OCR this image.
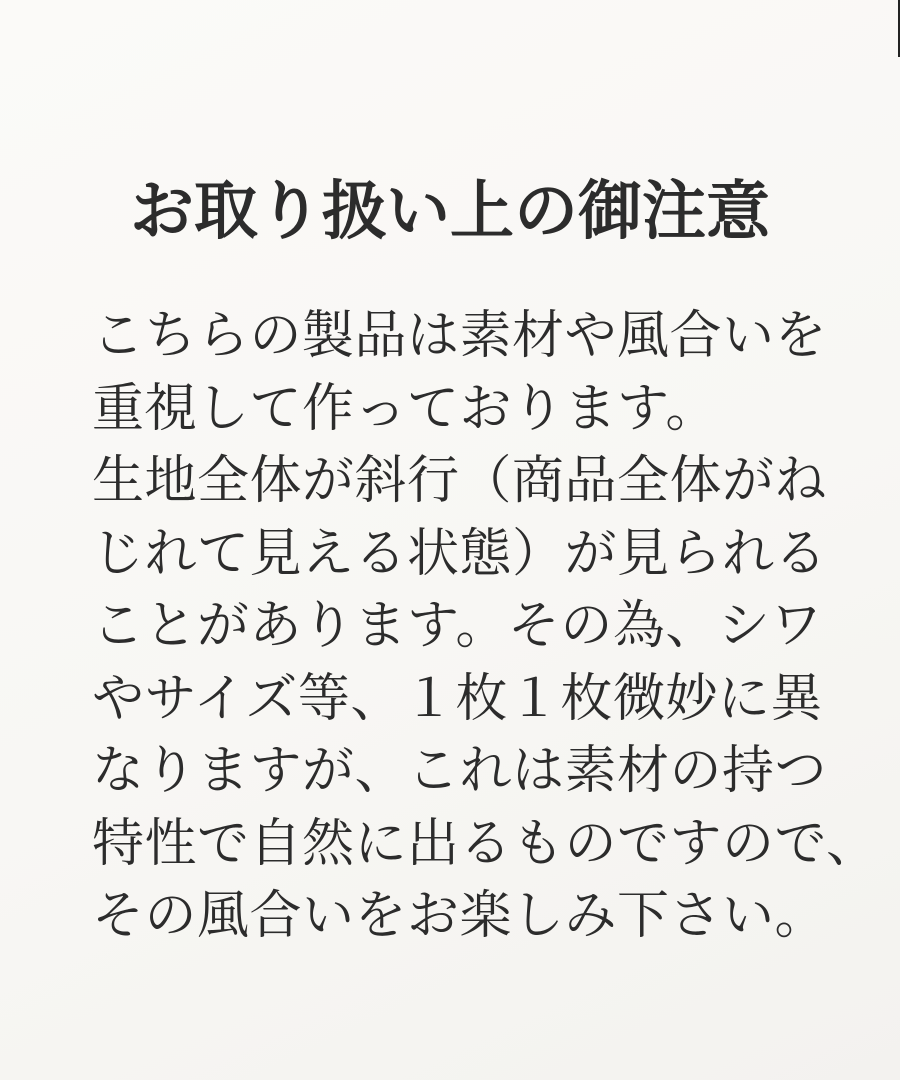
お取り扱い上の御注意
こちらの製品は素材や風合いを
重視して作っております。
生地全体が斜行（商品全体がね
じれて見える状態）が見られる
ことがあります。その為、シワ
やサイズ等、１枚１枚微妙に異
なりますが、これは素材の持つ
特性で自然に出るものですので、
その風合いをお楽しみ下さい。
